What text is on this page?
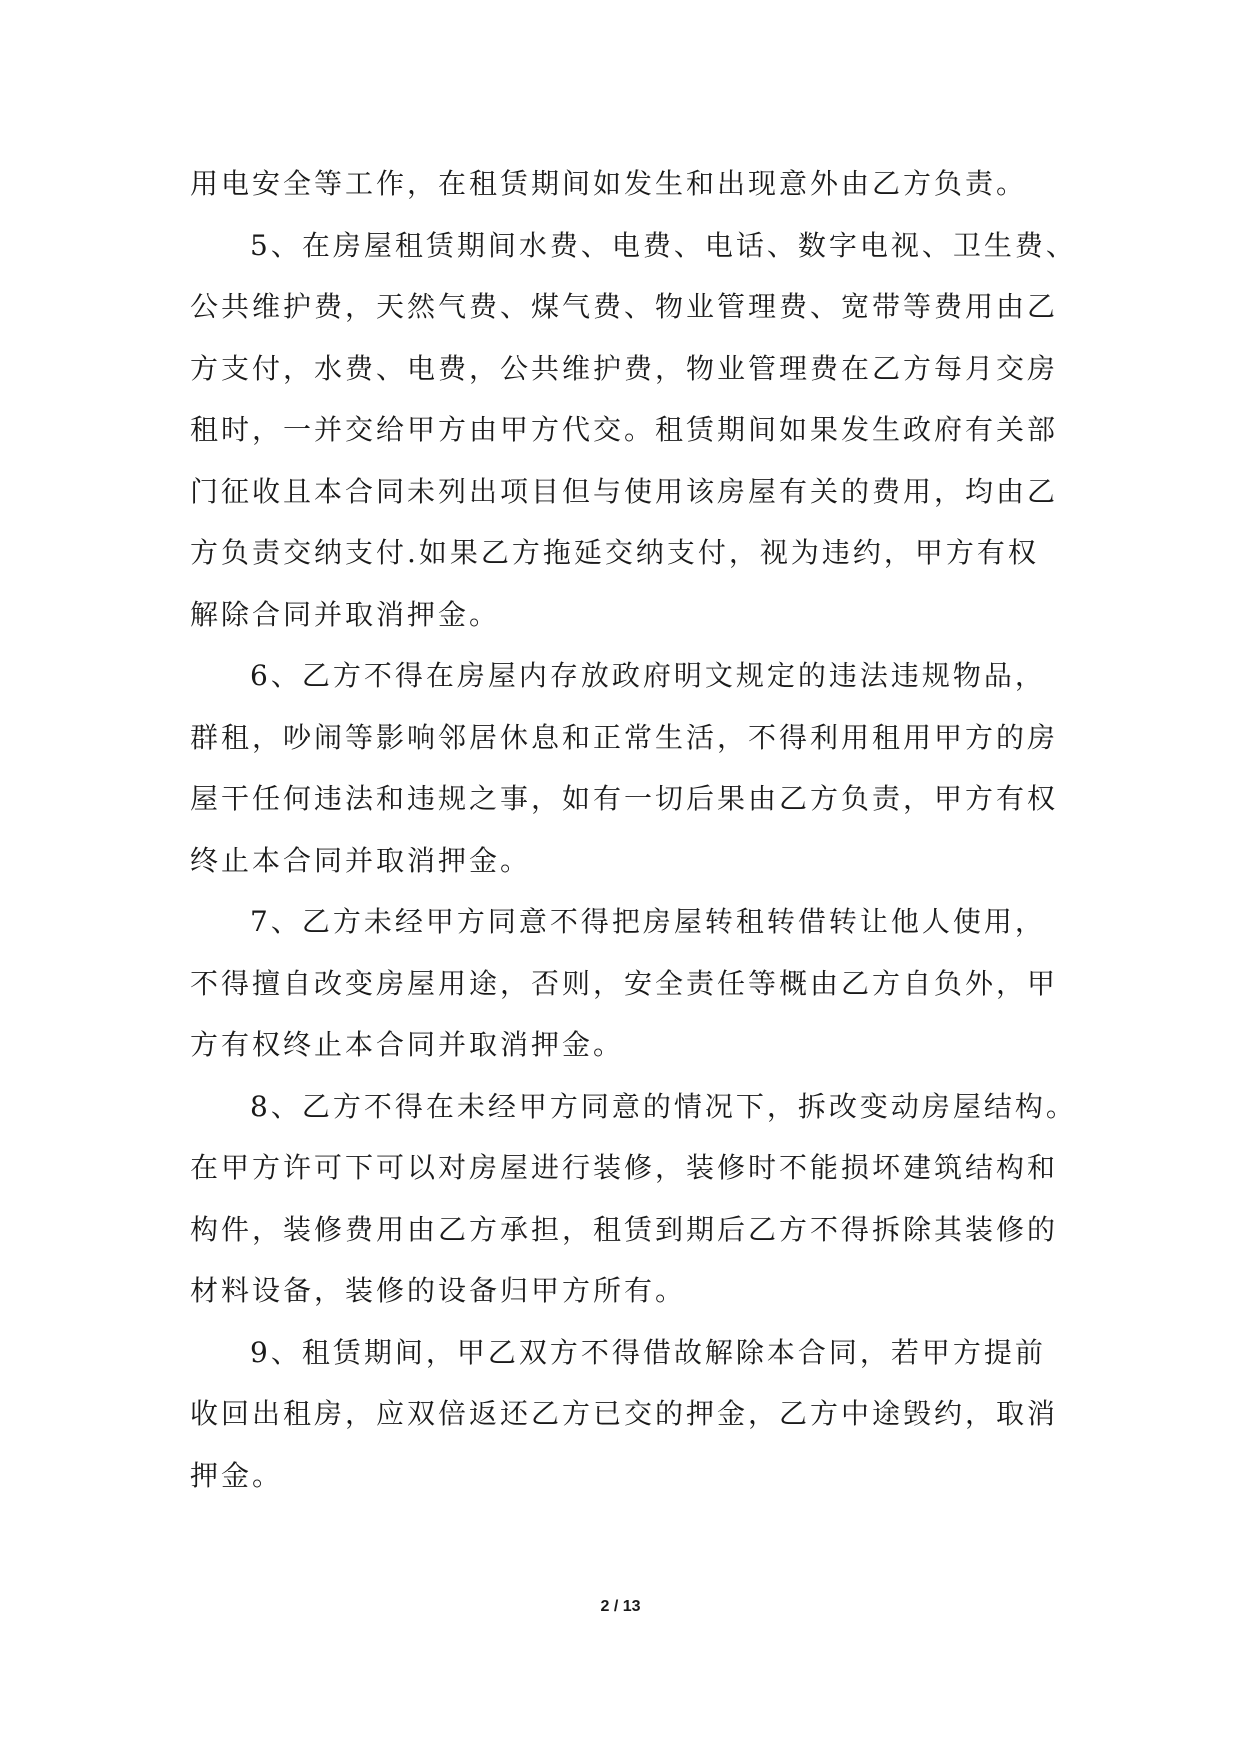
用电安全等工作，在租赁期间如发生和出现意外由乙方负责。
5、在房屋租赁期间水费、电费、电话、数字电视、卫生费、
公共维护费，天然气费、煤气费、物业管理费、宽带等费用由乙
方支付，水费、电费，公共维护费，物业管理费在乙方每月交房
租时，一并交给甲方由甲方代交。租赁期间如果发生政府有关部
门征收且本合同未列出项目但与使用该房屋有关的费用，均由乙
方负责交纳支付.如果乙方拖延交纳支付，视为违约，甲方有权
解除合同并取消押金。
6、乙方不得在房屋内存放政府明文规定的违法违规物品，
群租，吵闹等影响邻居休息和正常生活，不得利用租用甲方的房
屋干任何违法和违规之事，如有一切后果由乙方负责，甲方有权
终止本合同并取消押金。
7、乙方未经甲方同意不得把房屋转租转借转让他人使用，
不得擅自改变房屋用途，否则，安全责任等概由乙方自负外，甲
方有权终止本合同并取消押金。
8、乙方不得在未经甲方同意的情况下，拆改变动房屋结构。
在甲方许可下可以对房屋进行装修，装修时不能损坏建筑结构和
构件，装修费用由乙方承担，租赁到期后乙方不得拆除其装修的
材料设备，装修的设备归甲方所有。
9、租赁期间，甲乙双方不得借故解除本合同，若甲方提前
收回出租房，应双倍返还乙方已交的押金，乙方中途毁约，取消
押金。
2 / 13
